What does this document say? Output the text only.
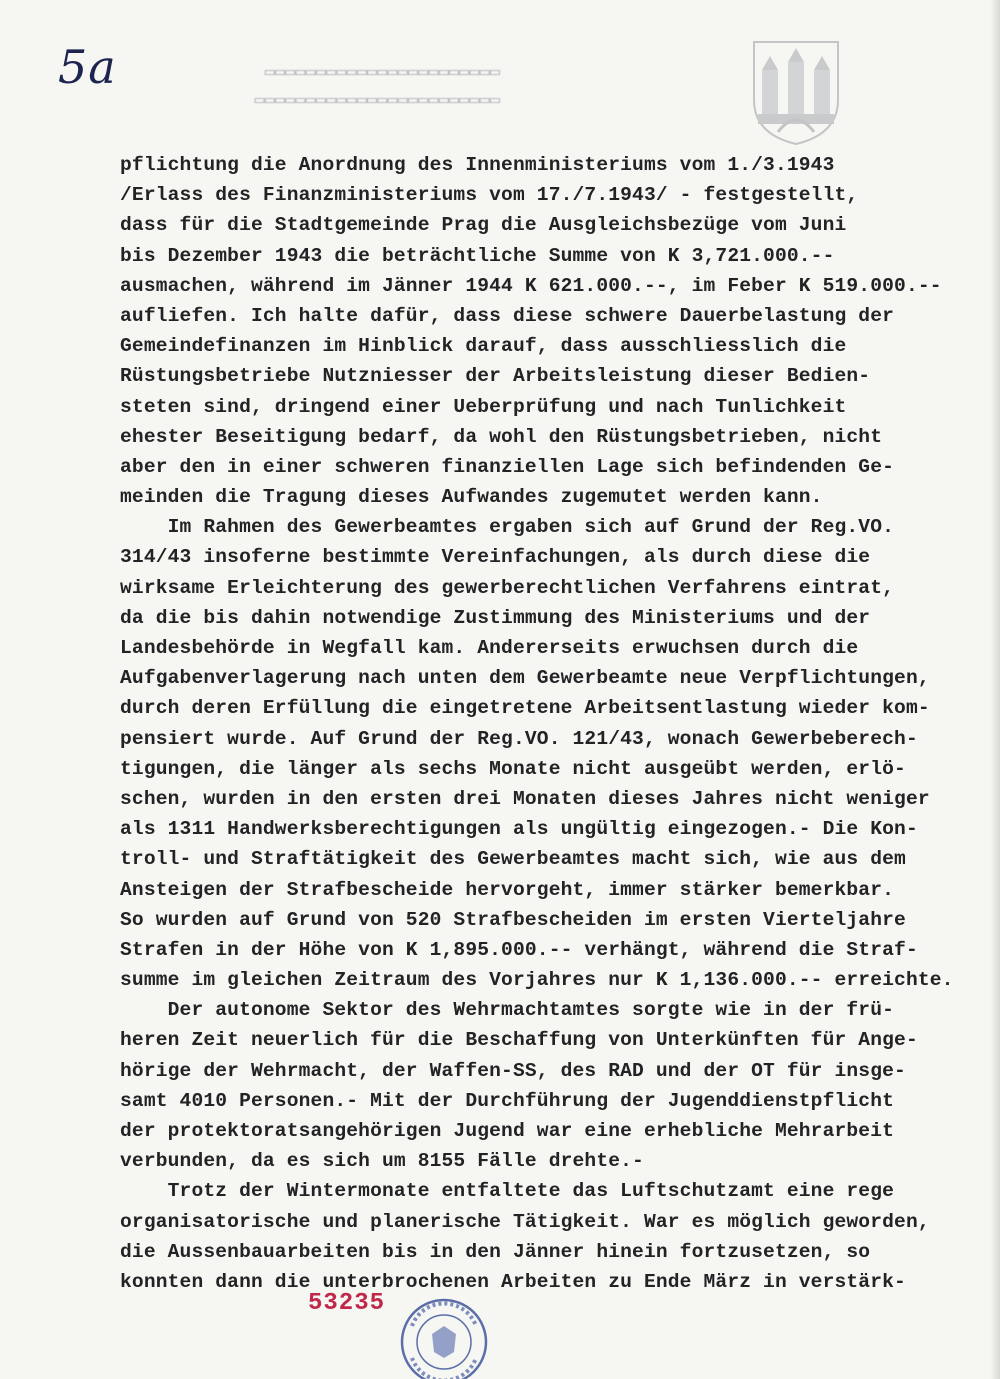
5a	▭▭▭▭▭▭▭▭▭▭▭▭▭▭▭▭▭▭▭▭▭▭▭
▭▭▭▭▭▭▭▭▭▭▭▭▭▭▭▭▭▭▭▭▭▭▭▭
pflichtung die Anordnung des Innenministeriums vom 1./3.1943
/Erlass des Finanzministeriums vom 17./7.1943/ - festgestellt,
dass für die Stadtgemeinde Prag die Ausgleichsbezüge vom Juni
bis Dezember 1943 die beträchtliche Summe von K 3,721.000.--
ausmachen, während im Jänner 1944 K 621.000.--, im Feber K 519.000.--
aufliefen. Ich halte dafür, dass diese schwere Dauerbelastung der
Gemeindefinanzen im Hinblick darauf, dass ausschliesslich die
Rüstungsbetriebe Nutzniesser der Arbeitsleistung dieser Bedien-
steten sind, dringend einer Ueberprüfung und nach Tunlichkeit
ehester Beseitigung bedarf, da wohl den Rüstungsbetrieben, nicht
aber den in einer schweren finanziellen Lage sich befindenden Ge-
meinden die Tragung dieses Aufwandes zugemutet werden kann.
Im Rahmen des Gewerbeamtes ergaben sich auf Grund der Reg.VO.
314/43 insoferne bestimmte Vereinfachungen, als durch diese die
wirksame Erleichterung des gewerberechtlichen Verfahrens eintrat,
da die bis dahin notwendige Zustimmung des Ministeriums und der
Landesbehörde in Wegfall kam. Andererseits erwuchsen durch die
Aufgabenverlagerung nach unten dem Gewerbeamte neue Verpflichtungen,
durch deren Erfüllung die eingetretene Arbeitsentlastung wieder kom-
pensiert wurde. Auf Grund der Reg.VO. 121/43, wonach Gewerbeberech-
tigungen, die länger als sechs Monate nicht ausgeübt werden, erlö-
schen, wurden in den ersten drei Monaten dieses Jahres nicht weniger
als 1311 Handwerksberechtigungen als ungültig eingezogen.- Die Kon-
troll- und Straftätigkeit des Gewerbeamtes macht sich, wie aus dem
Ansteigen der Strafbescheide hervorgeht, immer stärker bemerkbar.
So wurden auf Grund von 520 Strafbescheiden im ersten Vierteljahre
Strafen in der Höhe von K 1,895.000.-- verhängt, während die Straf-
summe im gleichen Zeitraum des Vorjahres nur K 1,136.000.-- erreichte.
Der autonome Sektor des Wehrmachtamtes sorgte wie in der frü-
heren Zeit neuerlich für die Beschaffung von Unterkünften für Ange-
hörige der Wehrmacht, der Waffen-SS, des RAD und der OT für insge-
samt 4010 Personen.- Mit der Durchführung der Jugenddienstpflicht
der protektoratsangehörigen Jugend war eine erhebliche Mehrarbeit
verbunden, da es sich um 8155 Fälle drehte.-
Trotz der Wintermonate entfaltete das Luftschutzamt eine rege
organisatorische und planerische Tätigkeit. War es möglich geworden,
die Aussenbauarbeiten bis in den Jänner hinein fortzusetzen, so
konnten dann die unterbrochenen Arbeiten zu Ende März in verstärk-
53235
